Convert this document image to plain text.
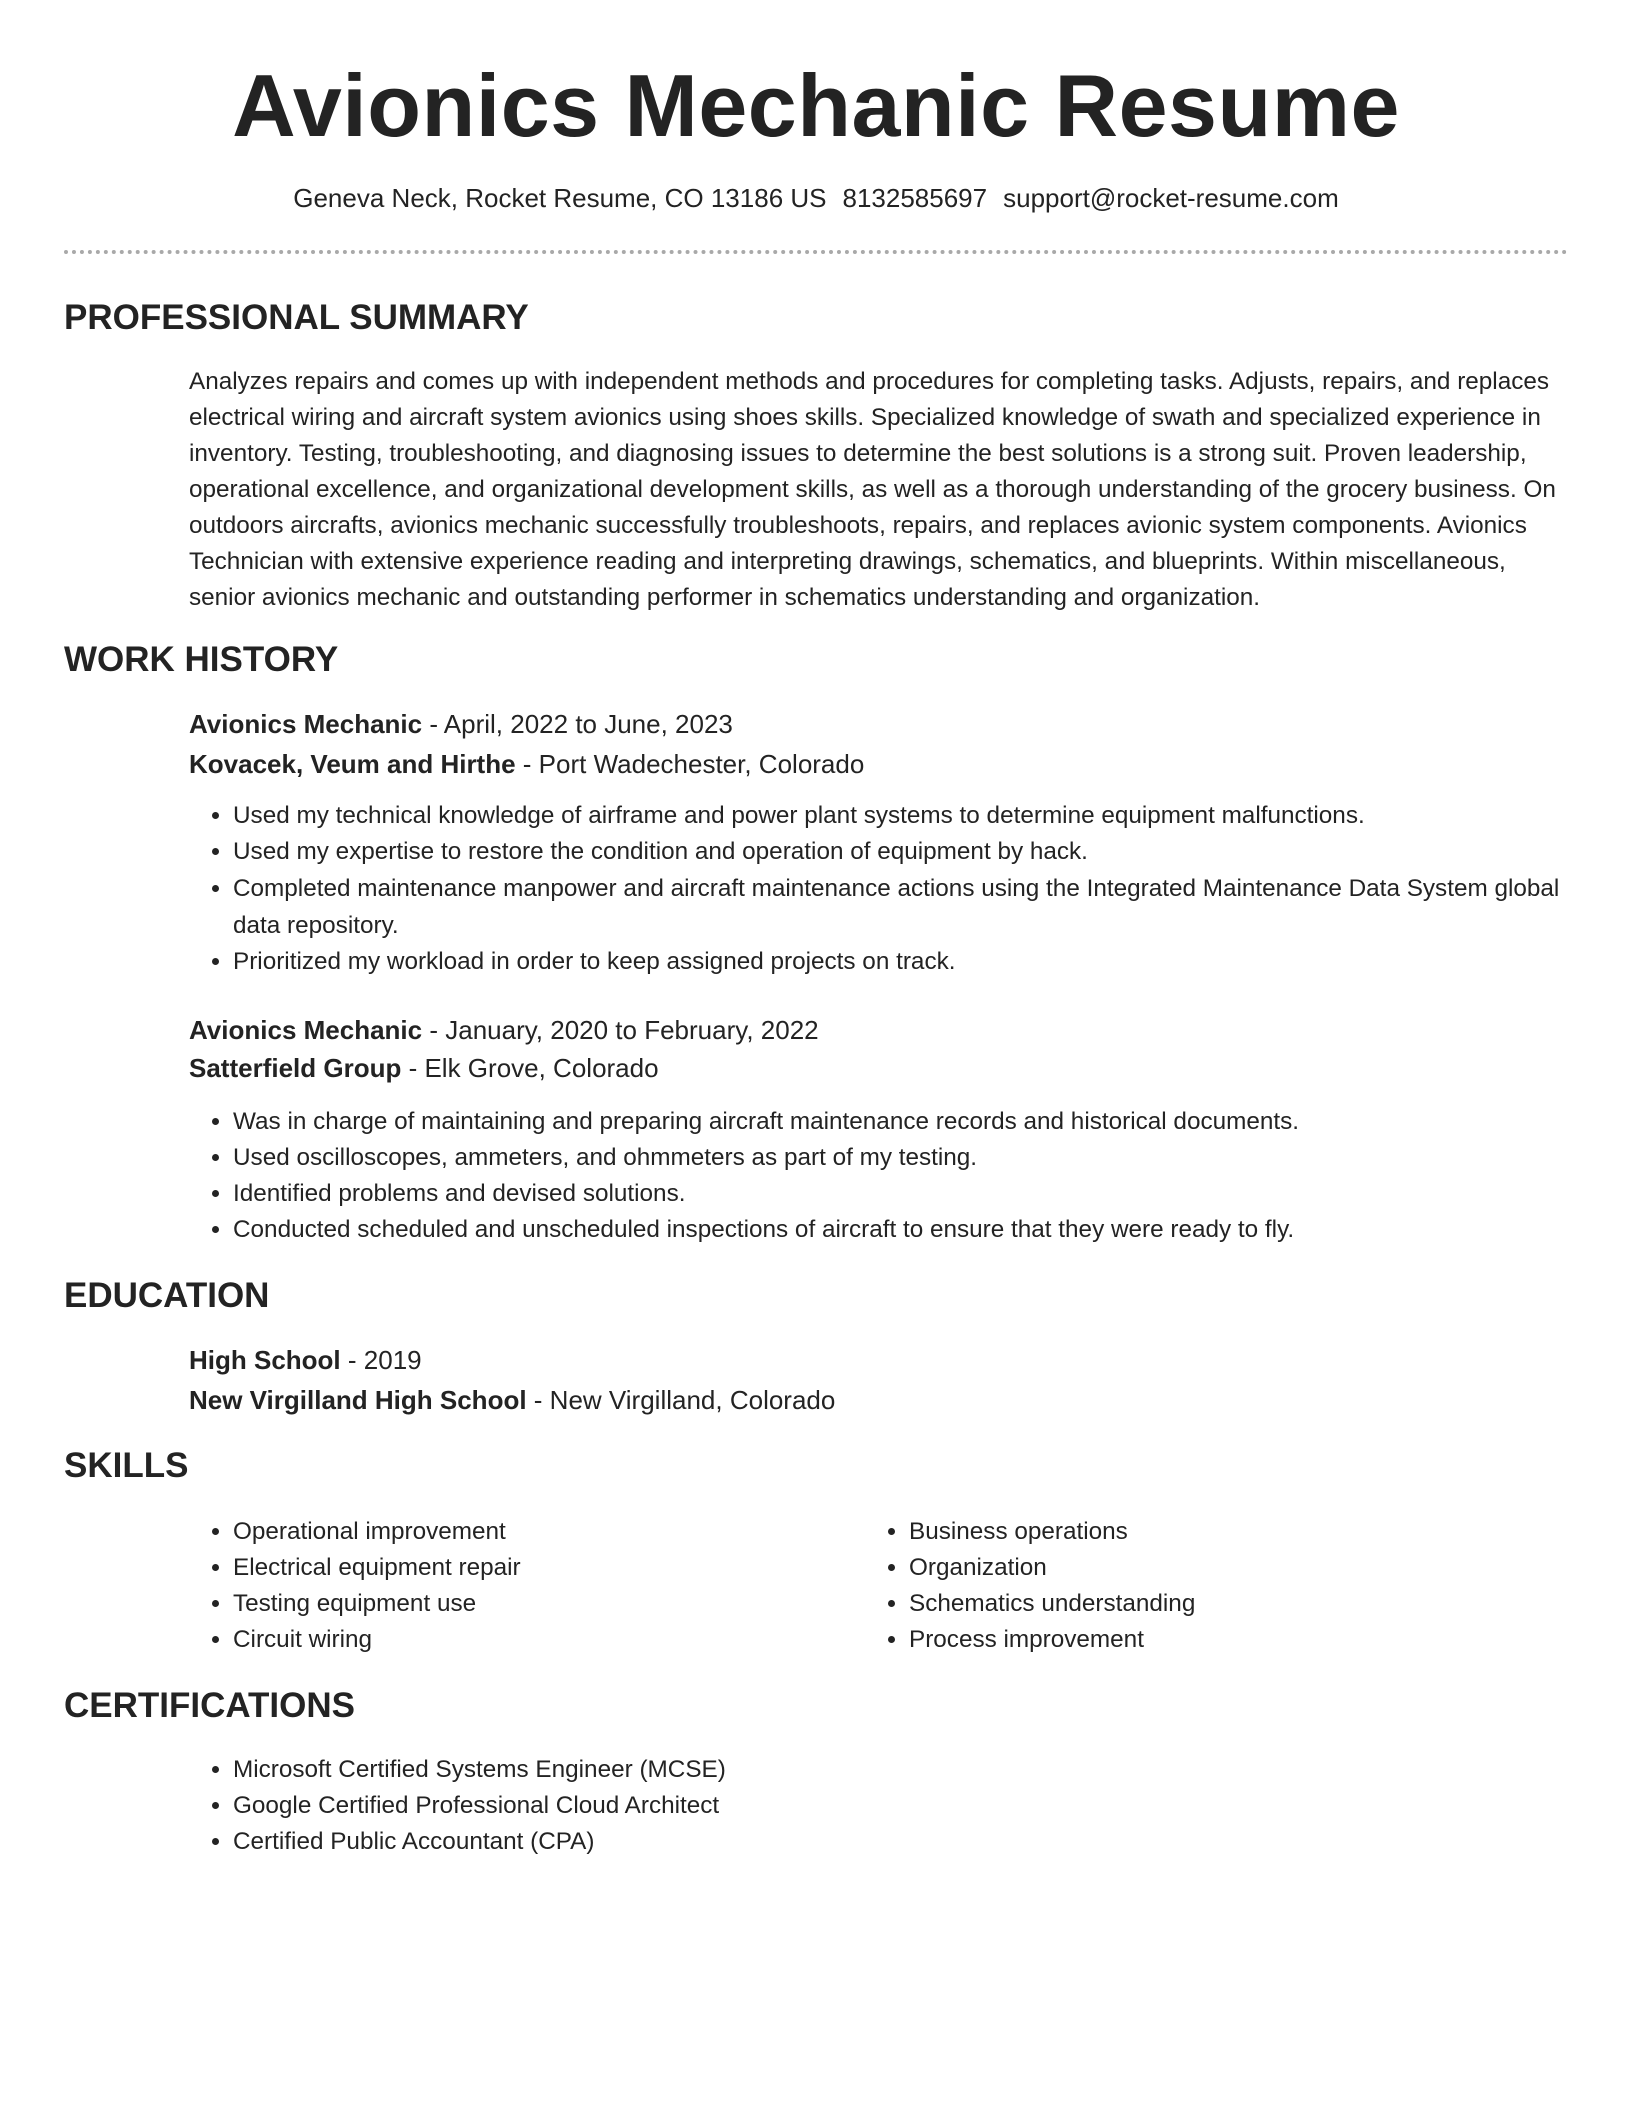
Avionics Mechanic Resume
Geneva Neck, Rocket Resume, CO 13186 US 8132585697 support@rocket-resume.com
PROFESSIONAL SUMMARY

Analyzes repairs and comes up with independent methods and procedures for completing tasks. Adjusts, repairs, and replaces electrical wiring and aircraft system avionics using shoes skills. Specialized knowledge of swath and specialized experience in inventory. Testing, troubleshooting, and diagnosing issues to determine the best solutions is a strong suit. Proven leadership, operational excellence, and organizational development skills, as well as a thorough understanding of the grocery business. On outdoors aircrafts, avionics mechanic successfully troubleshoots, repairs, and replaces avionic system components. Avionics Technician with extensive experience reading and interpreting drawings, schematics, and blueprints. Within miscellaneous, senior avionics mechanic and outstanding performer in schematics understanding and organization.

WORK HISTORY
Avionics Mechanic - April, 2022 to June, 2023
Kovacek, Veum and Hirthe - Port Wadechester, Colorado
• Used my technical knowledge of airframe and power plant systems to determine equipment malfunctions.
• Used my expertise to restore the condition and operation of equipment by hack.
• Completed maintenance manpower and aircraft maintenance actions using the Integrated Maintenance Data System global data repository.
• Prioritized my workload in order to keep assigned projects on track.
Avionics Mechanic - January, 2020 to February, 2022
Satterfield Group - Elk Grove, Colorado
• Was in charge of maintaining and preparing aircraft maintenance records and historical documents.
• Used oscilloscopes, ammeters, and ohmmeters as part of my testing.
• Identified problems and devised solutions.
• Conducted scheduled and unscheduled inspections of aircraft to ensure that they were ready to fly.
EDUCATION
High School - 2019
New Virgilland High School - New Virgilland, Colorado
SKILLS
• Operational improvement
• Electrical equipment repair
• Testing equipment use
• Circuit wiring
• Business operations
• Organization
• Schematics understanding
• Process improvement
CERTIFICATIONS
• Microsoft Certified Systems Engineer (MCSE)
• Google Certified Professional Cloud Architect
• Certified Public Accountant (CPA)
